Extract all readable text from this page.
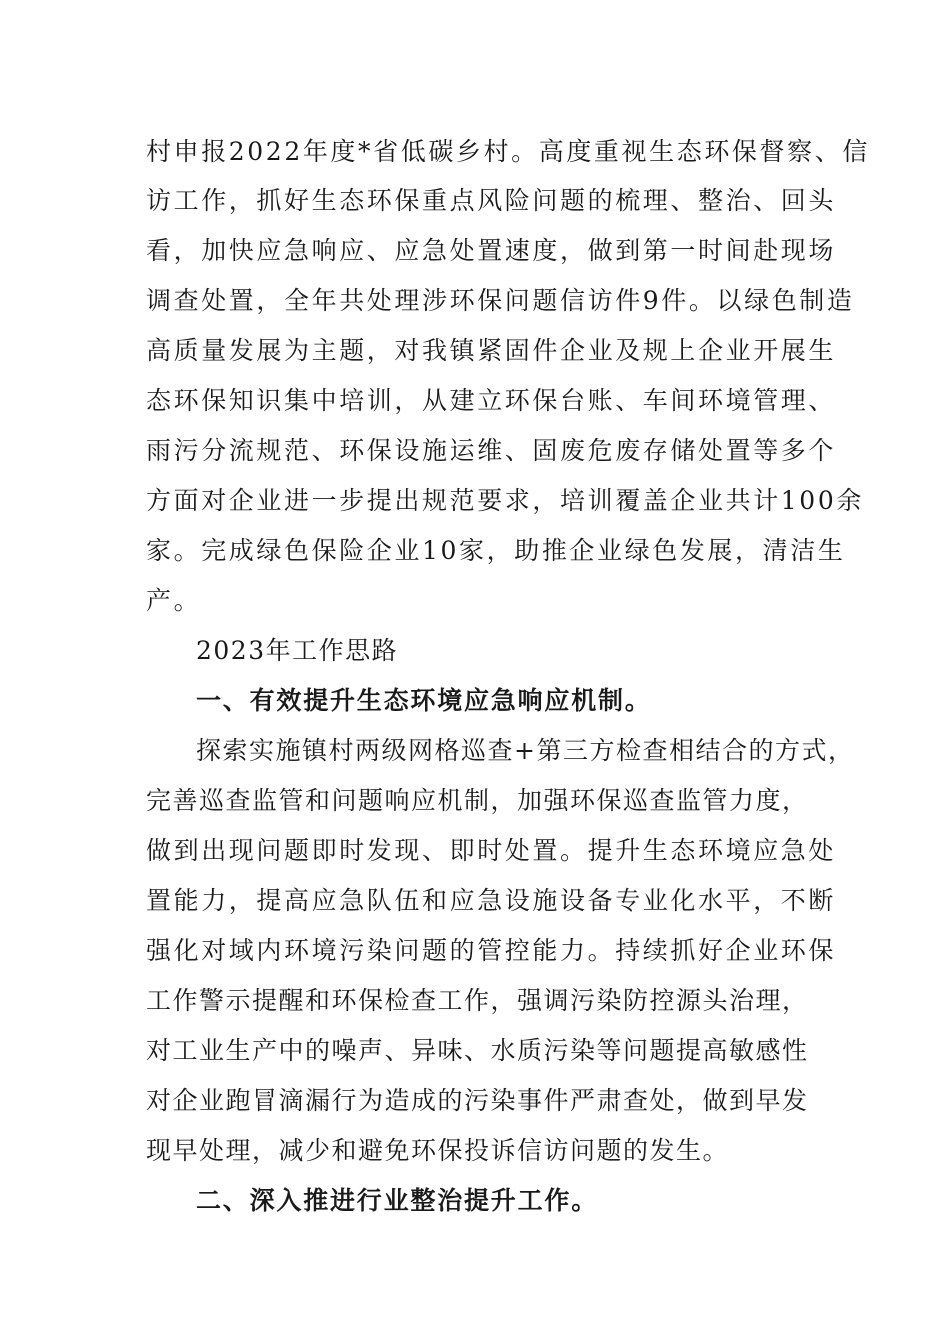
村申报2022年度*省低碳乡村。高度重视生态环保督察、信
访工作，抓好生态环保重点风险问题的梳理、整治、回头
看，加快应急响应、应急处置速度，做到第一时间赴现场
调查处置，全年共处理涉环保问题信访件9件。以绿色制造
高质量发展为主题，对我镇紧固件企业及规上企业开展生
态环保知识集中培训，从建立环保台账、车间环境管理、
雨污分流规范、环保设施运维、固废危废存储处置等多个
方面对企业进一步提出规范要求，培训覆盖企业共计100余
家。完成绿色保险企业10家，助推企业绿色发展，清洁生
产。
2023年工作思路
一、有效提升生态环境应急响应机制。
探索实施镇村两级网格巡查+第三方检查相结合的方式，
完善巡查监管和问题响应机制，加强环保巡查监管力度，
做到出现问题即时发现、即时处置。提升生态环境应急处
置能力，提高应急队伍和应急设施设备专业化水平，不断
强化对域内环境污染问题的管控能力。持续抓好企业环保
工作警示提醒和环保检查工作，强调污染防控源头治理，
对工业生产中的噪声、异味、水质污染等问题提高敏感性
对企业跑冒滴漏行为造成的污染事件严肃查处，做到早发
现早处理，减少和避免环保投诉信访问题的发生。
二、深入推进行业整治提升工作。
